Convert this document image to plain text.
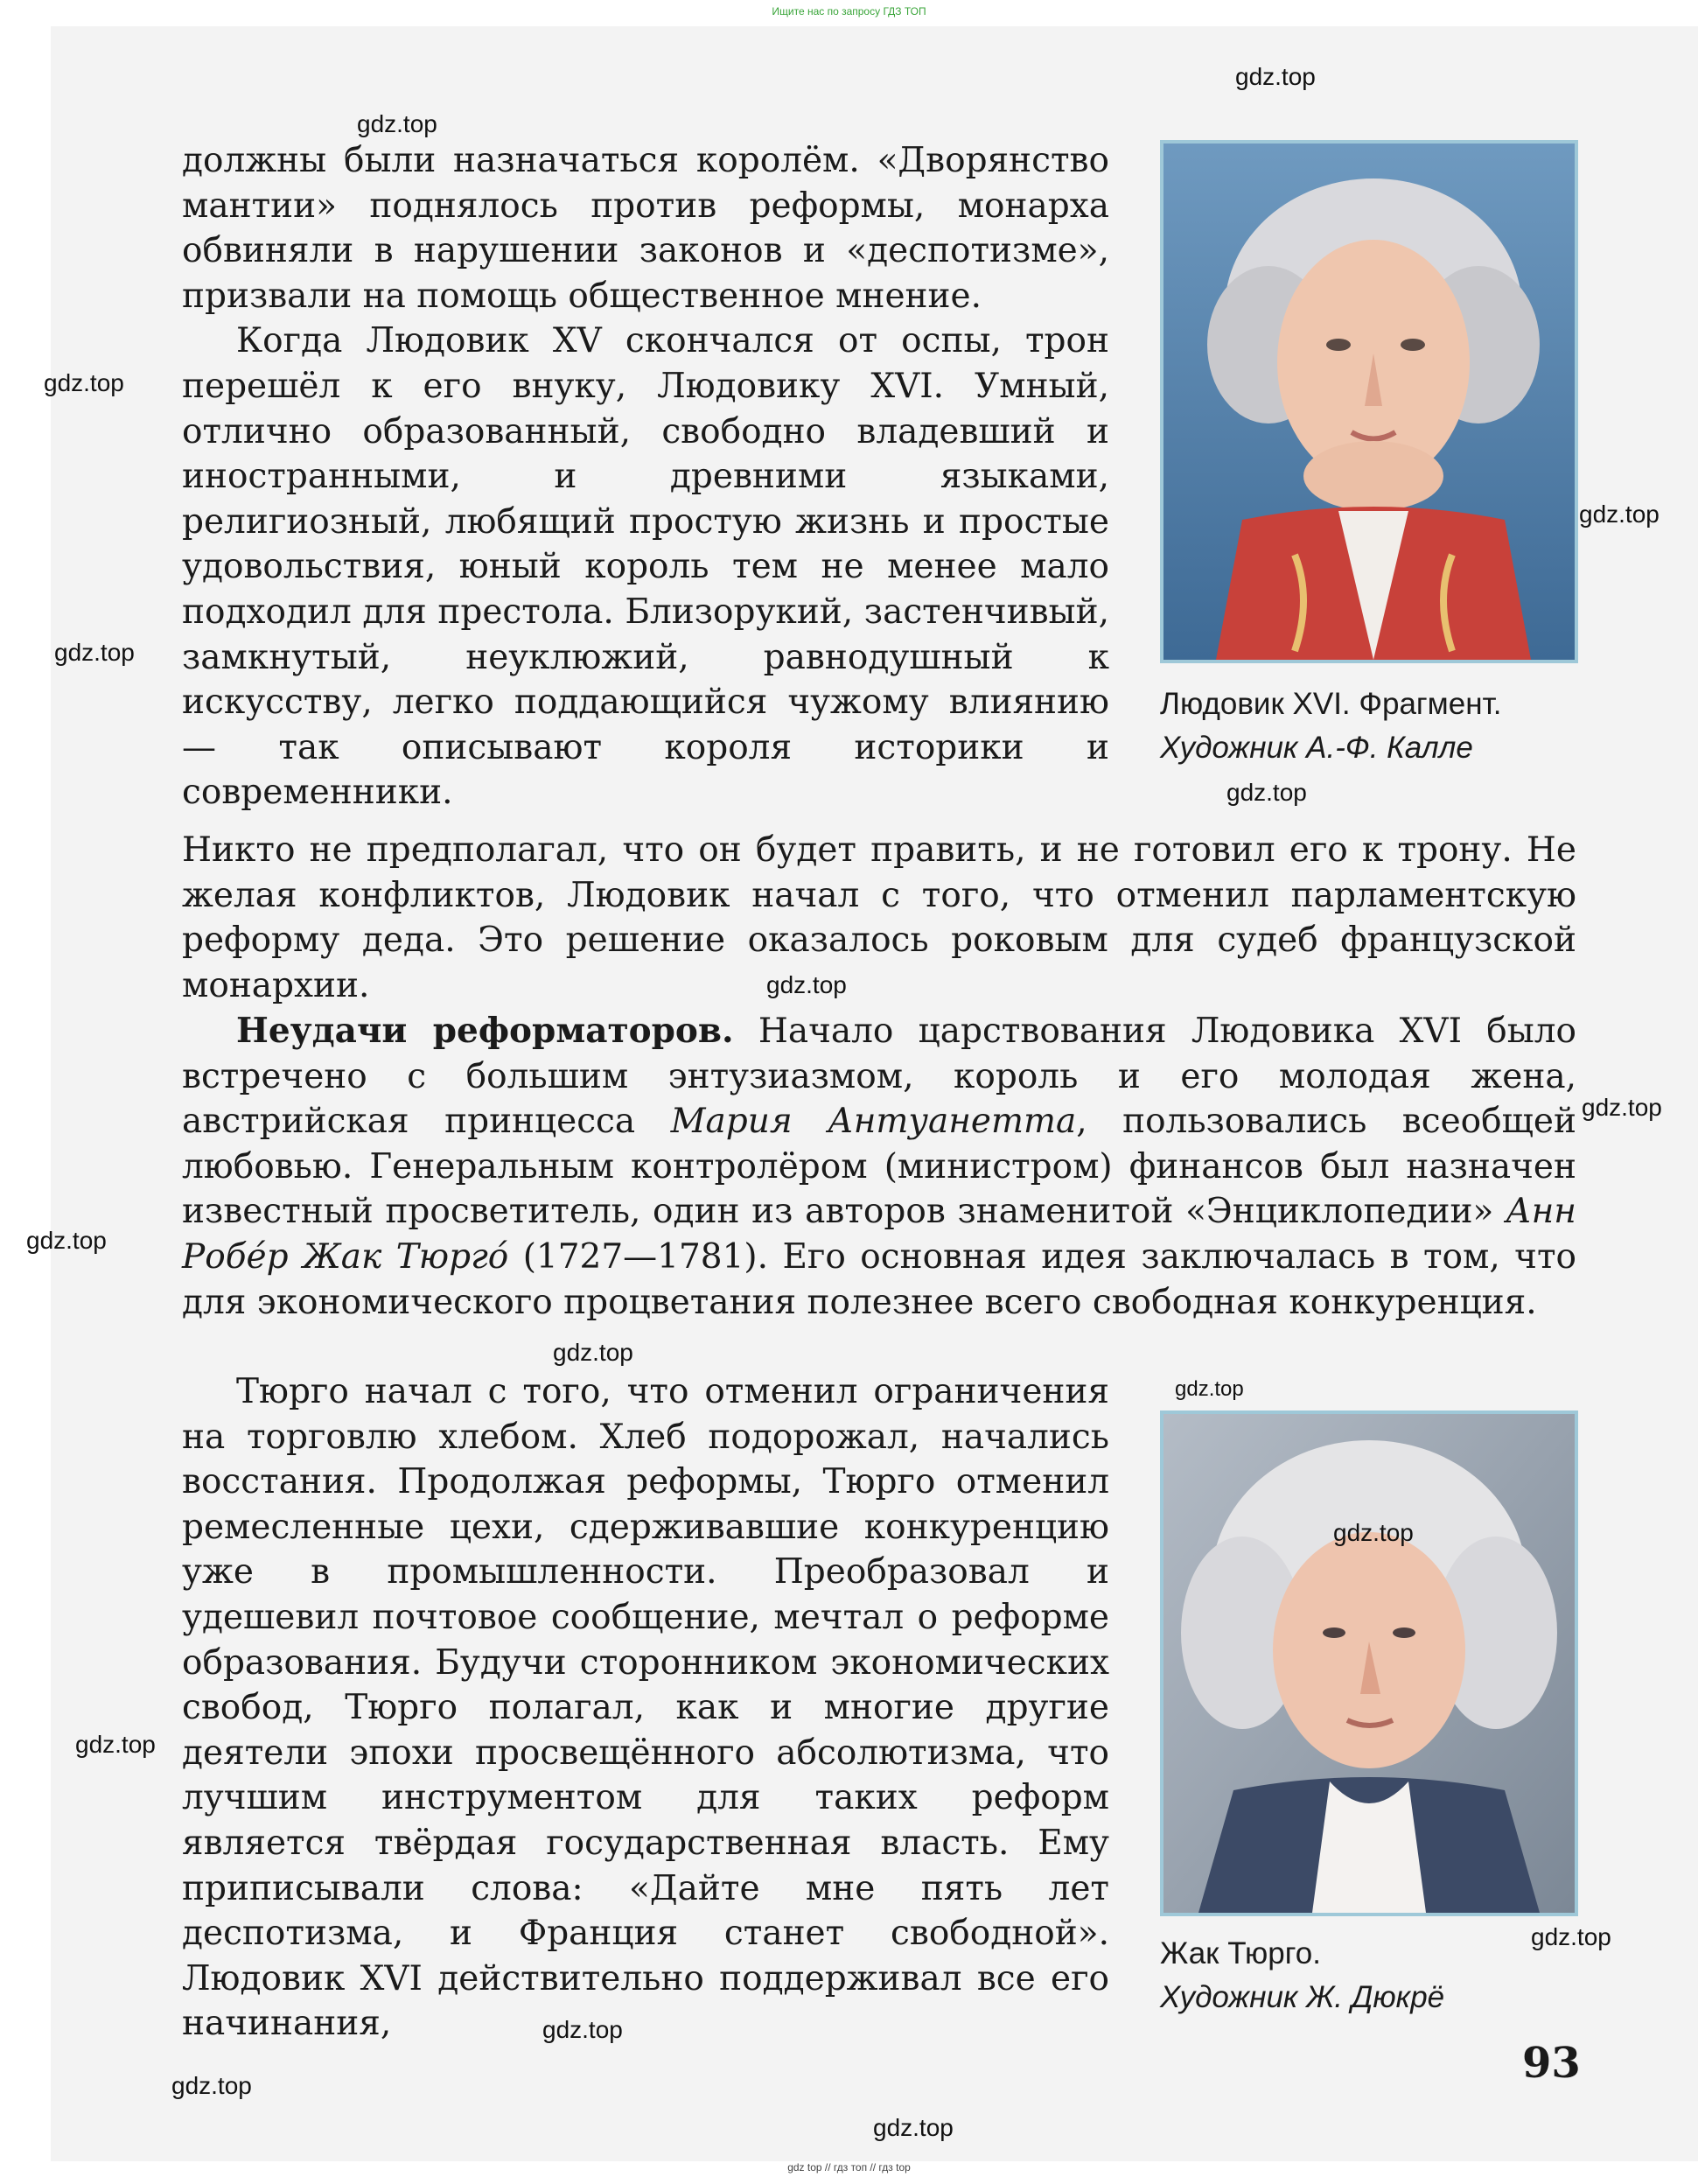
Ищите нас по запросу ГДЗ ТОП

должны были назначаться королём. «Дворянство мантии» поднялось против реформы, монарха обвиняли в нарушении законов и «деспотизме», призвали на помощь общественное мнение.

Когда Людовик XV скончался от оспы, трон перешёл к его внуку, Людовику XVI. Умный, отлично образованный, свободно владевший и иностранными, и древними языками, религиозный, любящий простую жизнь и простые удовольствия, юный король тем не менее мало подходил для престола. Близорукий, застенчивый, замкнутый, неуклюжий, равнодушный к искусству, легко поддающийся чужому влиянию — так описывают короля историки и современники.

Никто не предполагал, что он будет править, и не готовил его к трону. Не желая конфликтов, Людовик начал с того, что отменил парламентскую реформу деда. Это решение оказалось роковым для судеб французской монархии.

Неудачи реформаторов. Начало царствования Людовика XVI было встречено с большим энтузиазмом, король и его молодая жена, австрийская принцесса Мария Антуанетта, пользовались всеобщей любовью. Генеральным контролёром (министром) финансов был назначен известный просветитель, один из авторов знаменитой «Энциклопедии» Анн Робéр Жак Тюргó (1727—1781). Его основная идея заключалась в том, что для экономического процветания полезнее всего свободная конкуренция.

Тюрго начал с того, что отменил ограничения на торговлю хлебом. Хлеб подорожал, начались восстания. Продолжая реформы, Тюрго отменил ремесленные цехи, сдерживавшие конкуренцию уже в промышленности. Преобразовал и удешевил почтовое сообщение, мечтал о реформе образования. Будучи сторонником экономических свобод, Тюрго полагал, как и многие другие деятели эпохи просвещённого абсолютизма, что лучшим инструментом для таких реформ является твёрдая государственная власть. Ему приписывали слова: «Дайте мне пять лет деспотизма, и Франция станет свободной». Людовик XVI действительно поддерживал все его начинания,

Людовик XVI. Фрагмент.
Художник А.-Ф. Калле
Жак Тюрго.
Художник Ж. Дюкрё
93
gdz.top
gdz.top
gdz.top
gdz.top
gdz.top
gdz.top
gdz.top
gdz.top
gdz.top
gdz.top
gdz.top
gdz.top
gdz.top
gdz.top
gdz.top
gdz.top
gdz.top
gdz top // гдз топ // гдз top
